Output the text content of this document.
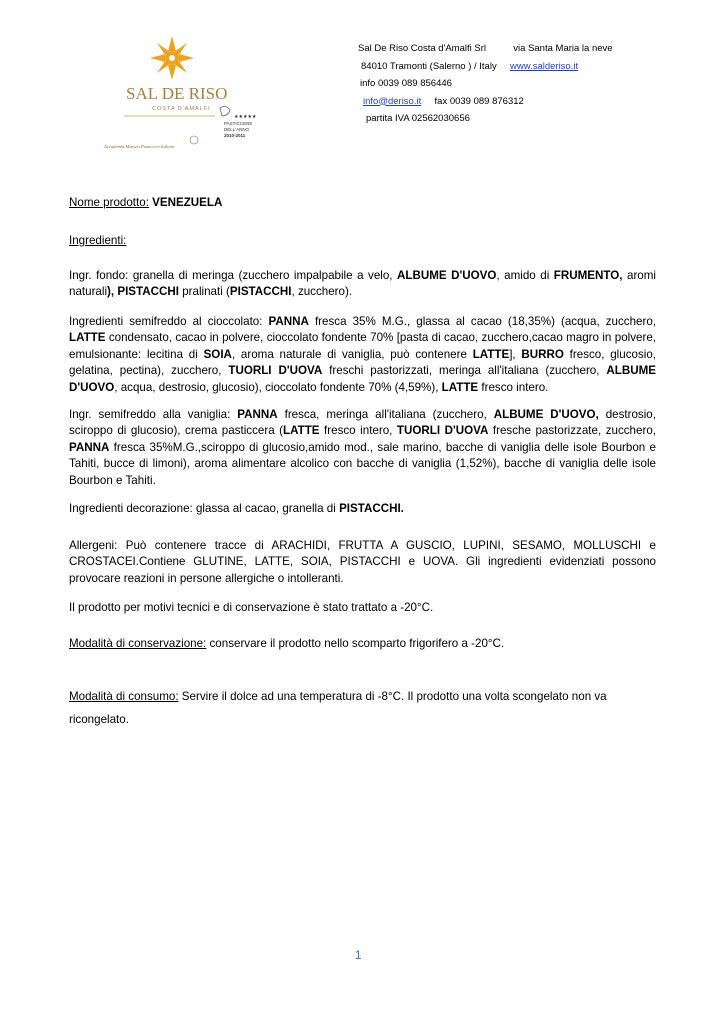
SAL DE RISO
COSTA D'AMALFI
★★★★★
PASTICCERE
DELL'ANNO
2010-2011
Accademia Maestri Pasticceri Italiani
Sal De Riso Costa d'Amalfi Srl	via Santa Maria la neve
84010 Tramonti (Salerno ) / Italy www.salderiso.it
info 0039 089 856446
info@deriso.it fax 0039 089 876312
partita IVA 02562030656
Nome prodotto: VENEZUELA
Ingredienti:
Ingr. fondo: granella di meringa (zucchero impalpabile a velo, ALBUME D'UOVO, amido di FRUMENTO, aromi naturali), PISTACCHI pralinati (PISTACCHI, zucchero).
Ingredienti semifreddo al cioccolato: PANNA fresca 35% M.G., glassa al cacao (18,35%) (acqua, zucchero, LATTE condensato, cacao in polvere, cioccolato fondente 70% [pasta di cacao, zucchero,cacao magro in polvere, emulsionante: lecitina di SOIA, aroma naturale di vaniglia, può contenere LATTE], BURRO fresco, glucosio, gelatina, pectina), zucchero, TUORLI D'UOVA freschi pastorizzati, meringa all'italiana (zucchero, ALBUME D'UOVO, acqua, destrosio, glucosio), cioccolato fondente 70% (4,59%), LATTE fresco intero.
Ingr. semifreddo alla vaniglia: PANNA fresca, meringa all'italiana (zucchero, ALBUME D'UOVO, destrosio, sciroppo di glucosio), crema pasticcera (LATTE fresco intero, TUORLI D'UOVA fresche pastorizzate, zucchero, PANNA fresca 35%M.G.,sciroppo di glucosio,amido mod., sale marino, bacche di vaniglia delle isole Bourbon e Tahiti, bucce di limoni), aroma alimentare alcolico con bacche di vaniglia (1,52%), bacche di vaniglia delle isole Bourbon e Tahiti.
Ingredienti decorazione: glassa al cacao, granella di PISTACCHI.
Allergeni: Può contenere tracce di ARACHIDI, FRUTTA A GUSCIO, LUPINI, SESAMO, MOLLUSCHI e CROSTACEI.Contiene GLUTINE, LATTE, SOIA, PISTACCHI e UOVA. Gli ingredienti evidenziati possono provocare reazioni in persone allergiche o intolleranti.
Il prodotto per motivi tecnici e di conservazione è stato trattato a -20°C.
Modalità di conservazione: conservare il prodotto nello scomparto frigorifero a -20°C.
Modalità di consumo: Servire il dolce ad una temperatura di -8°C. Il prodotto una volta scongelato non va ricongelato.
1
